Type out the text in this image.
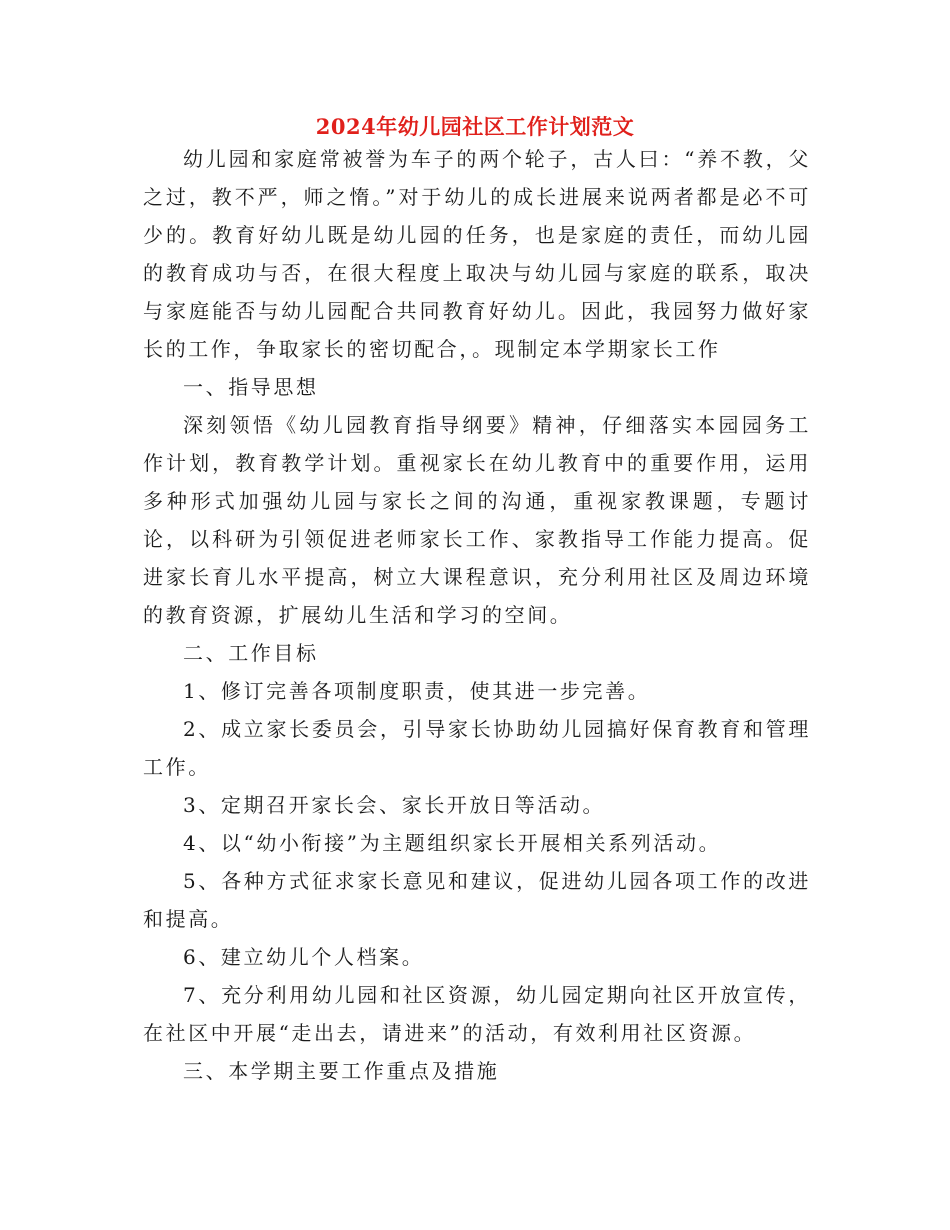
2024年幼儿园社区工作计划范文

幼儿园和家庭常被誉为车子的两个轮子，古人曰：“养不教，父之过，教不严，师之惰。”对于幼儿的成长进展来说两者都是必不可少的。教育好幼儿既是幼儿园的任务，也是家庭的责任，而幼儿园的教育成功与否，在很大程度上取决与幼儿园与家庭的联系，取决与家庭能否与幼儿园配合共同教育好幼儿。因此，我园努力做好家长的工作，争取家长的密切配合，。现制定本学期家长工作

一、指导思想

深刻领悟《幼儿园教育指导纲要》精神，仔细落实本园园务工作计划，教育教学计划。重视家长在幼儿教育中的重要作用，运用多种形式加强幼儿园与家长之间的沟通，重视家教课题，专题讨论，以科研为引领促进老师家长工作、家教指导工作能力提高。促进家长育儿水平提高，树立大课程意识，充分利用社区及周边环境的教育资源，扩展幼儿生活和学习的空间。

二、工作目标

1、修订完善各项制度职责，使其进一步完善。

2、成立家长委员会，引导家长协助幼儿园搞好保育教育和管理工作。

3、定期召开家长会、家长开放日等活动。

4、以“幼小衔接”为主题组织家长开展相关系列活动。

5、各种方式征求家长意见和建议，促进幼儿园各项工作的改进和提高。

6、建立幼儿个人档案。

7、充分利用幼儿园和社区资源，幼儿园定期向社区开放宣传，在社区中开展“走出去，请进来”的活动，有效利用社区资源。

三、本学期主要工作重点及措施
